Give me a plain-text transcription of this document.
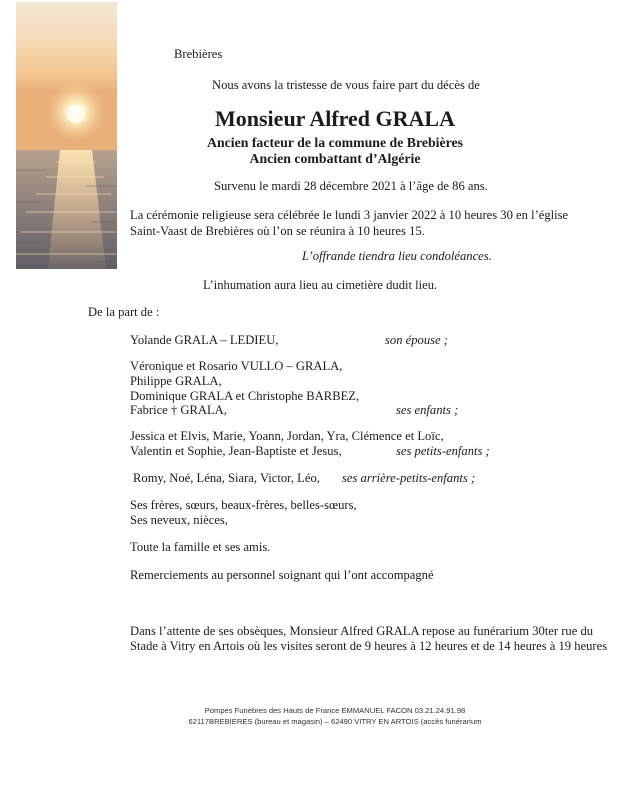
Brebières
Nous avons la tristesse de vous faire part du décès de
Monsieur Alfred GRALA
Ancien facteur de la commune de Brebières
Ancien combattant d’Algérie
Survenu le mardi 28 décembre 2021 à l’âge de 86 ans.
La cérémonie religieuse sera célébrée le lundi 3 janvier 2022 à 10 heures 30 en l’église
Saint-Vaast de Brebières où l’on se réunira à 10 heures 15.
L’offrande tiendra lieu condoléances.
L’inhumation aura lieu au cimetière dudit lieu.
De la part de :
Yolande GRALA – LEDIEU,	son épouse ;
Véronique et Rosario VULLO – GRALA,
Philippe GRALA,
Dominique GRALA et Christophe BARBEZ,
Fabrice † GRALA,	ses enfants ;
Jessica et Elvis, Marie, Yoann, Jordan, Yra, Clémence et Loïc,
Valentin et Sophie, Jean-Baptiste et Jesus,	ses petits-enfants ;
Romy, Noé, Léna, Siara, Victor, Léo, ses arrière-petits-enfants ;
Ses frères, sœurs, beaux-frères, belles-sœurs,
Ses neveux, nièces,
Toute la famille et ses amis.
Remerciements au personnel soignant qui l’ont accompagné
Dans l’attente de ses obsèques, Monsieur Alfred GRALA repose au funérarium 30ter rue du
Stade à Vitry en Artois où les visites seront de 9 heures à 12 heures et de 14 heures à 19 heures
Pompes Funèbres des Hauts de France EMMANUEL FACON 03.21.24.91.98
62117BREBIERES (bureau et magasin) – 62490 VITRY EN ARTOIS (accès funérarium
